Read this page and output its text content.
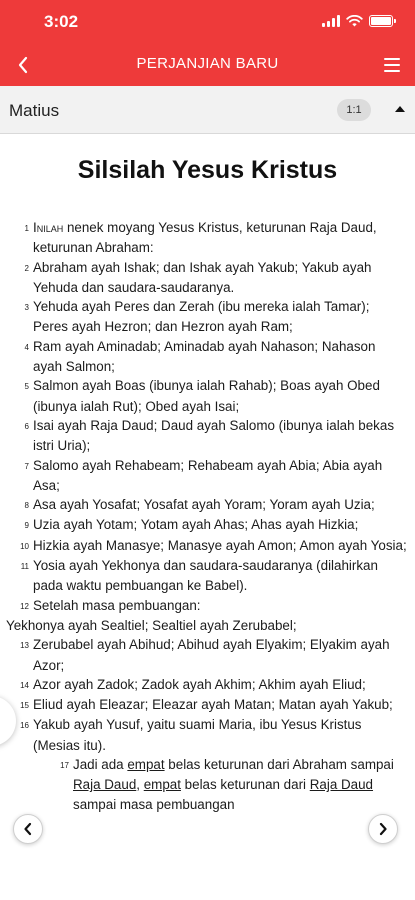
3:02
PERJANJIAN BARU
Matius	1:1
Silsilah Yesus Kristus

1 Inilah nenek moyang Yesus Kristus, keturunan Raja Daud, keturunan Abraham:

2 Abraham ayah Ishak; dan Ishak ayah Yakub; Yakub ayah Yehuda dan saudara-saudaranya.

3 Yehuda ayah Peres dan Zerah (ibu mereka ialah Tamar); Peres ayah Hezron; dan Hezron ayah Ram;

4 Ram ayah Aminadab; Aminadab ayah Nahason; Nahason ayah Salmon;

5 Salmon ayah Boas (ibunya ialah Rahab); Boas ayah Obed (ibunya ialah Rut); Obed ayah Isai;

6 Isai ayah Raja Daud; Daud ayah Salomo (ibunya ialah bekas istri Uria);

7 Salomo ayah Rehabeam; Rehabeam ayah Abia; Abia ayah Asa;

8 Asa ayah Yosafat; Yosafat ayah Yoram; Yoram ayah Uzia;

9 Uzia ayah Yotam; Yotam ayah Ahas; Ahas ayah Hizkia;

10 Hizkia ayah Manasye; Manasye ayah Amon; Amon ayah Yosia;

11 Yosia ayah Yekhonya dan saudara-saudaranya (dilahirkan pada waktu pembuangan ke Babel).

12 Setelah masa pembuangan:

Yekhonya ayah Sealtiel; Sealtiel ayah Zerubabel;

13 Zerubabel ayah Abihud; Abihud ayah Elyakim; Elyakim ayah Azor;

14 Azor ayah Zadok; Zadok ayah Akhim; Akhim ayah Eliud;

15 Eliud ayah Eleazar; Eleazar ayah Matan; Matan ayah Yakub;

16 Yakub ayah Yusuf, yaitu suami Maria, ibu Yesus Kristus (Mesias itu).

17 Jadi ada empat belas keturunan dari Abraham sampai Raja Daud, empat belas keturunan dari Raja Daud sampai masa pembuangan
